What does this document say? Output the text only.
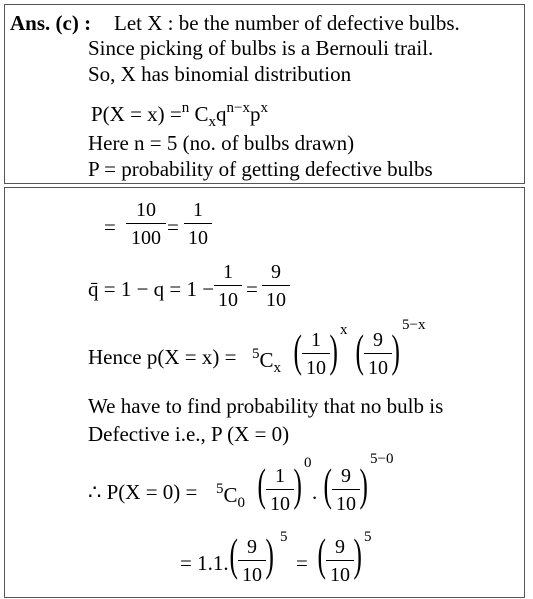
Ans. (c) : Let X : be the number of defective bulbs.
Since picking of bulbs is a Bernouli trail.
So, X has binomial distribution
P(X = x) =$^n$ $C_xq^{n-x}p^x$
Here n = 5 (no. of bulbs drawn)
P = probability of getting defective bulbs
=
10
100 =
1
10
q̄ = 1 − q = 1 −
1
10 =
9
10
Hence $p(X = x) = ^5C_x$ ( 1
10 ) x ( 9
10 ) 5−x
We have to find probability that no bulb is
Defective i.e., P (X = 0)
∴ $P(X = 0) = ^5C_0$ ( 1
10 ) 0
. ( 9
10 ) 5−0
= 1.1. ( 9
10 ) 5
= ( 9
10 ) 5
